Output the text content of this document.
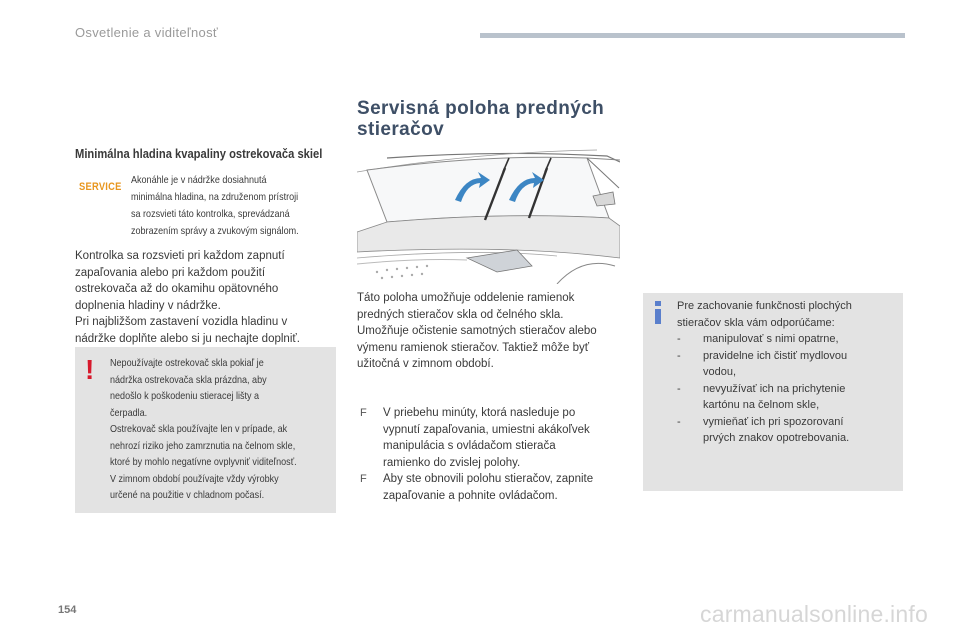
Osvetlenie a viditeľnosť
Minimálna hladina kvapaliny ostrekovača skiel
SERVICE
Akonáhle je v nádržke dosiahnutá
minimálna hladina, na združenom prístroji
sa rozsvieti táto kontrolka, sprevádzaná
zobrazením správy a zvukovým signálom.

Kontrolka sa rozsvieti pri každom zapnutí

zapaľovania alebo pri každom použití

ostrekovača až do okamihu opätovného

doplnenia hladiny v nádržke.

Pri najbližšom zastavení vozidla hladinu v

nádržke doplňte alebo si ju nechajte doplniť.

! Nepoužívajte ostrekovač skla pokiaľ je

nádržka ostrekovača skla prázdna, aby

nedošlo k poškodeniu stieracej lišty a

čerpadla.

Ostrekovač skla používajte len v prípade, ak

nehrozí riziko jeho zamrznutia na čelnom skle,

ktoré by mohlo negatívne ovplyvniť viditeľnosť.

V zimnom období používajte vždy výrobky

určené na použitie v chladnom počasí.

Servisná poloha predných
stieračov
Táto poloha umožňuje oddelenie ramienok
predných stieračov skla od čelného skla.
Umožňuje očistenie samotných stieračov alebo
výmenu ramienok stieračov. Taktiež môže byť
užitočná v zimnom období.
F V priebehu minúty, ktorá nasleduje po
vypnutí zapaľovania, umiestni akákoľvek
manipulácia s ovládačom stierača
ramienko do zvislej polohy.
F Aby ste obnovili polohu stieračov, zapnite
zapaľovanie a pohnite ovládačom.
Pre zachovanie funkčnosti plochých stieračov skla vám odporúčame:
- manipulovať s nimi opatrne,
- pravidelne ich čistiť mydlovou
vodou,
- nevyužívať ich na prichytenie
kartónu na čelnom skle,
- vymieňať ich pri spozorovaní
prvých znakov opotrebovania.
154	carmanualsonline.info
